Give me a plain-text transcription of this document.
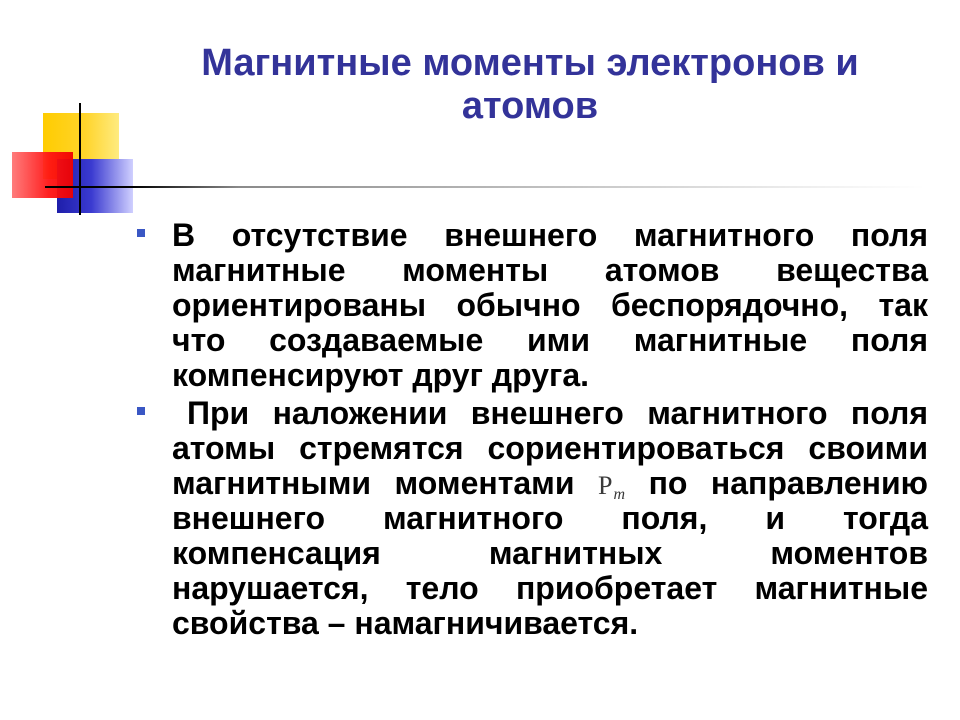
Магнитные моменты электронов и атомов
В отсутствие внешнего магнитного поля
магнитные моменты атомов вещества
ориентированы обычно беспорядочно, так
что создаваемые ими магнитные поля
компенсируют друг друга.
При наложении внешнего магнитного поля
атомы стремятся сориентироваться своими
магнитными моментами Pm по направлению
внешнего магнитного поля, и тогда
компенсация магнитных моментов
нарушается, тело приобретает магнитные
свойства – намагничивается.
